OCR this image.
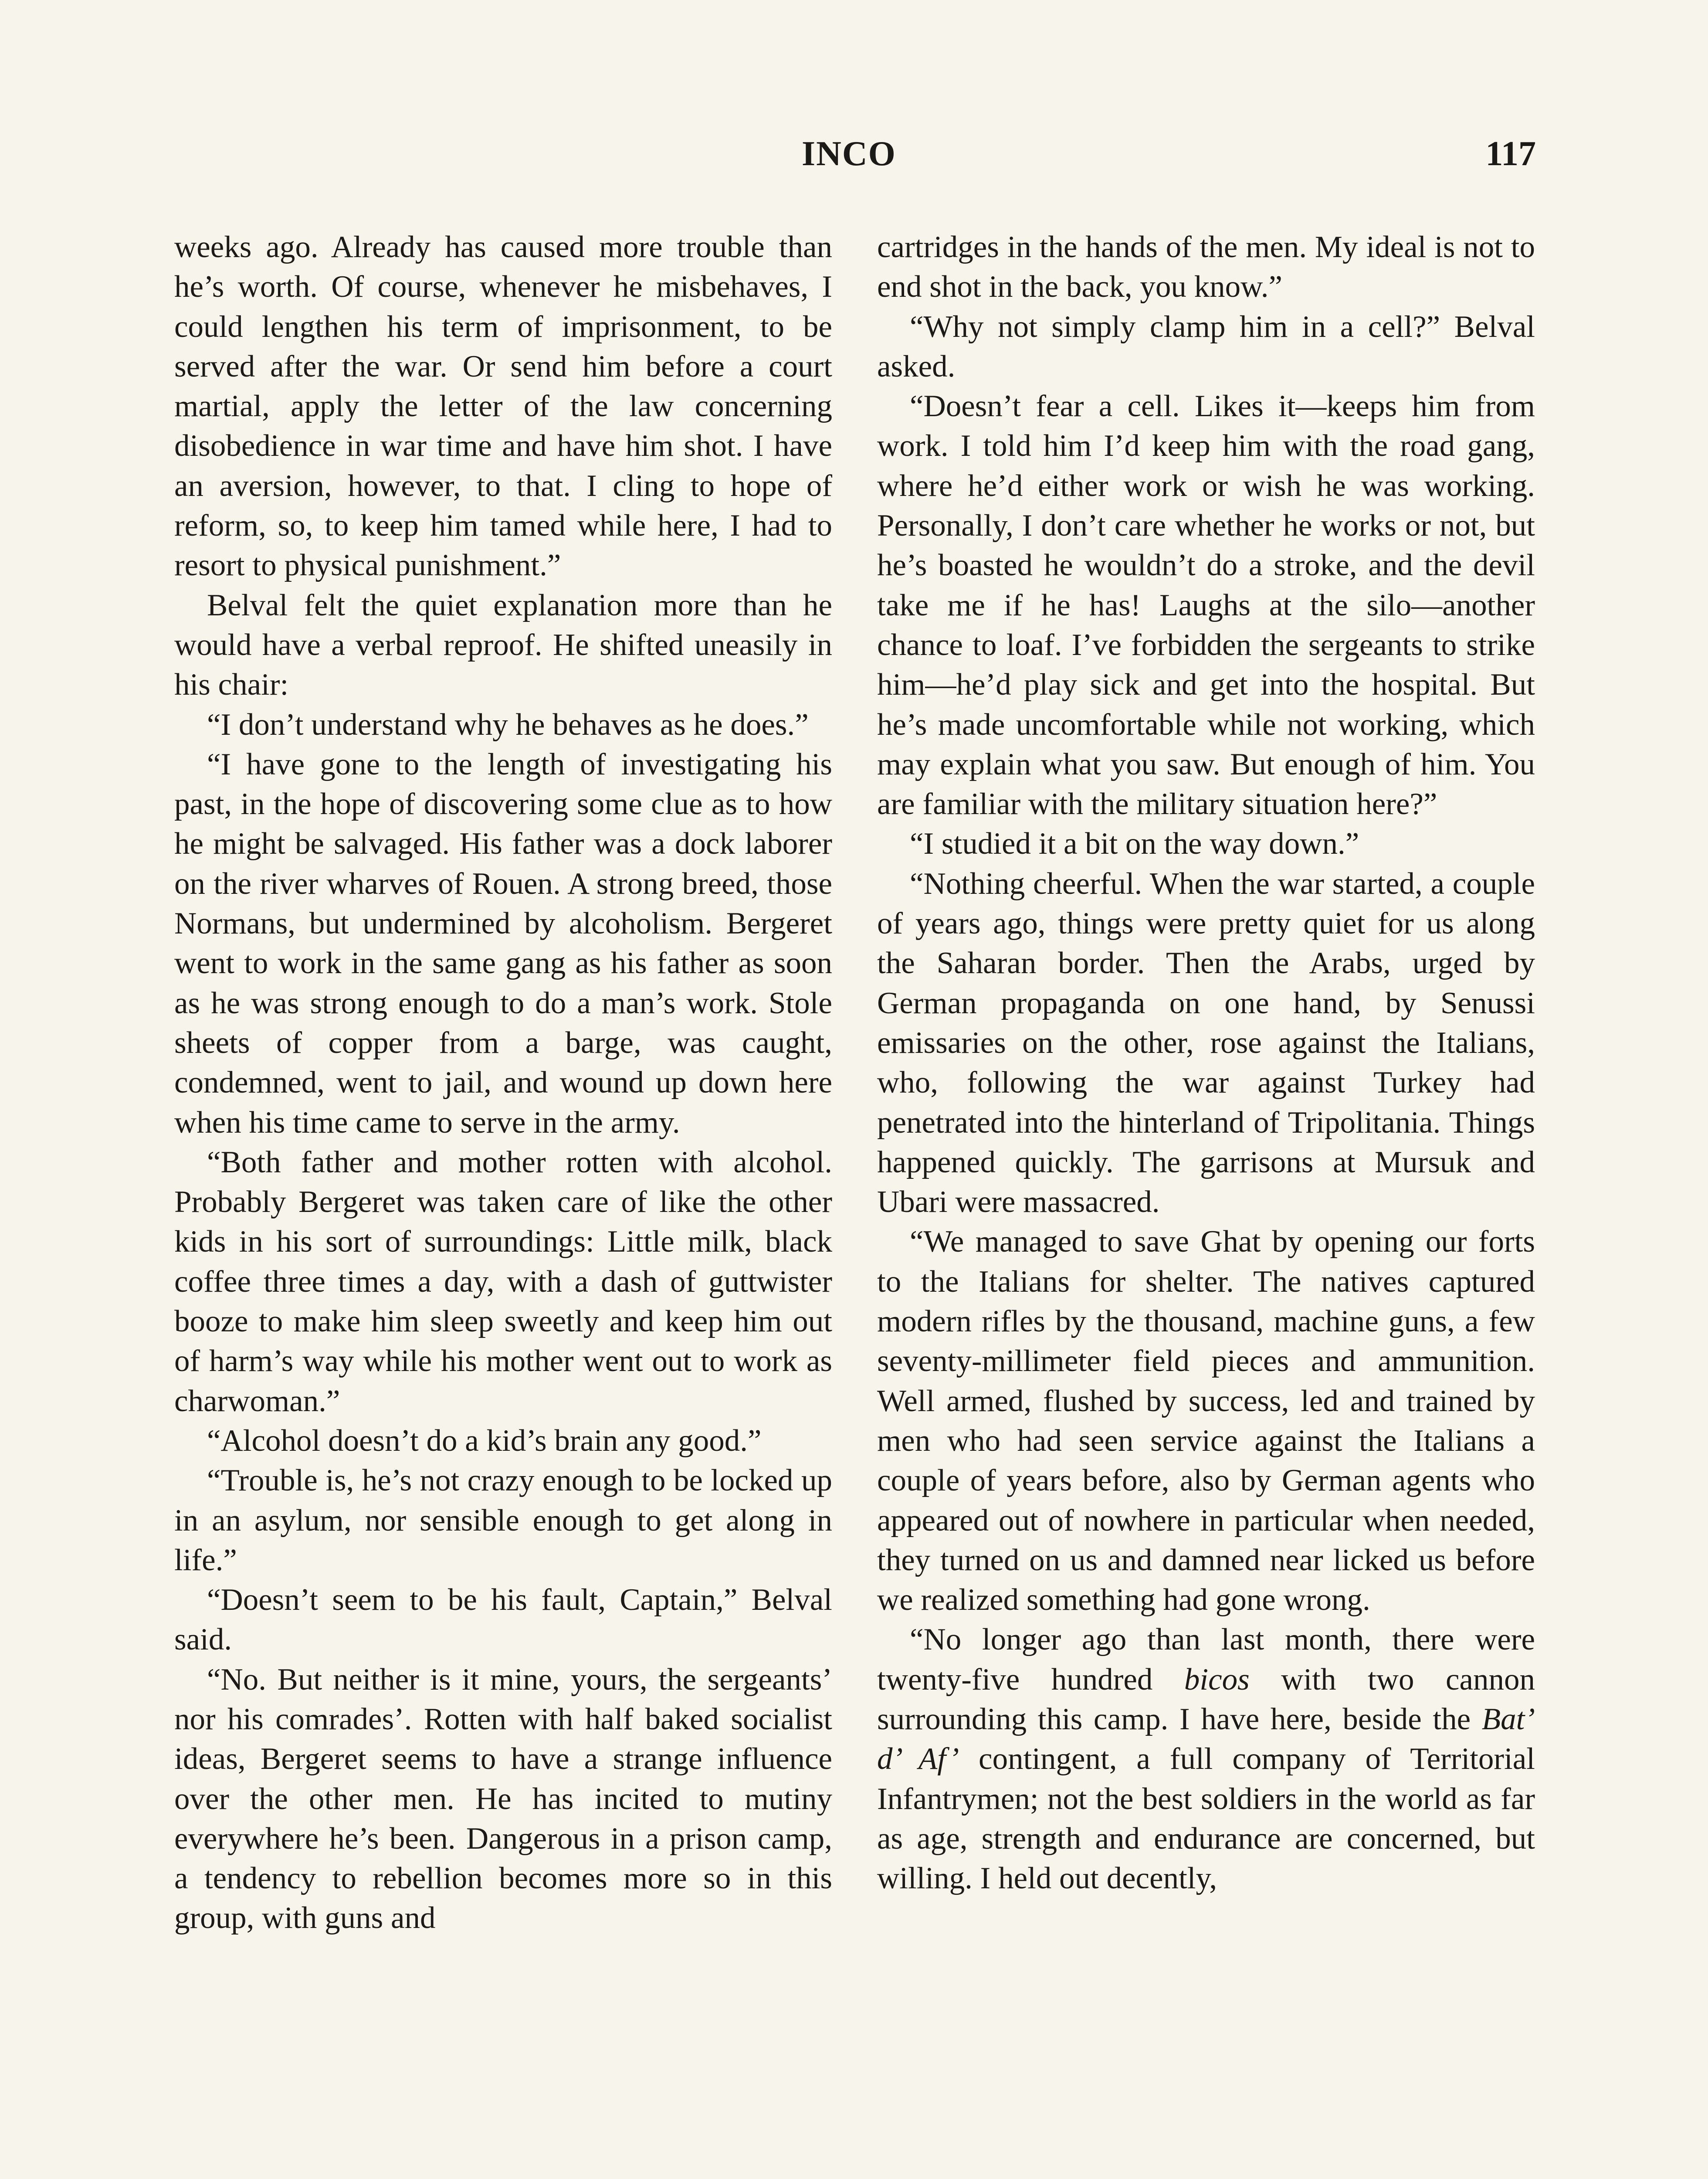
INCO	117

weeks ago. Already has caused more trouble than he’s worth. Of course, whenever he misbehaves, I could lengthen his term of imprisonment, to be served after the war. Or send him before a court martial, apply the letter of the law concerning disobedience in war time and have him shot. I have an aversion, however, to that. I cling to hope of reform, so, to keep him tamed while here, I had to resort to physical punishment.”

Belval felt the quiet explanation more than he would have a verbal reproof. He shifted uneasily in his chair:

“I don’t understand why he behaves as he does.”

“I have gone to the length of investigating his past, in the hope of discovering some clue as to how he might be salvaged. His father was a dock laborer on the river wharves of Rouen. A strong breed, those Normans, but undermined by alcoholism. Bergeret went to work in the same gang as his father as soon as he was strong enough to do a man’s work. Stole sheets of copper from a barge, was caught, condemned, went to jail, and wound up down here when his time came to serve in the army.

“Both father and mother rotten with alcohol. Probably Bergeret was taken care of like the other kids in his sort of surroundings: Little milk, black coffee three times a day, with a dash of guttwister booze to make him sleep sweetly and keep him out of harm’s way while his mother went out to work as charwoman.”

“Alcohol doesn’t do a kid’s brain any good.”

“Trouble is, he’s not crazy enough to be locked up in an asylum, nor sensible enough to get along in life.”

“Doesn’t seem to be his fault, Captain,” Belval said.

“No. But neither is it mine, yours, the sergeants’ nor his comrades’. Rotten with half baked socialist ideas, Bergeret seems to have a strange influence over the other men. He has incited to mutiny everywhere he’s been. Dangerous in a prison camp, a tendency to rebellion becomes more so in this group, with guns and

cartridges in the hands of the men. My ideal is not to end shot in the back, you know.”

“Why not simply clamp him in a cell?” Belval asked.

“Doesn’t fear a cell. Likes it—keeps him from work. I told him I’d keep him with the road gang, where he’d either work or wish he was working. Personally, I don’t care whether he works or not, but he’s boasted he wouldn’t do a stroke, and the devil take me if he has! Laughs at the silo—another chance to loaf. I’ve forbidden the sergeants to strike him—he’d play sick and get into the hospital. But he’s made uncomfortable while not working, which may explain what you saw. But enough of him. You are familiar with the military situation here?”

“I studied it a bit on the way down.”

“Nothing cheerful. When the war started, a couple of years ago, things were pretty quiet for us along the Saharan border. Then the Arabs, urged by German propaganda on one hand, by Senussi emissaries on the other, rose against the Italians, who, following the war against Turkey had penetrated into the hinterland of Tripolitania. Things happened quickly. The garrisons at Mursuk and Ubari were massacred.

“We managed to save Ghat by opening our forts to the Italians for shelter. The natives captured modern rifles by the thousand, machine guns, a few seventy-millimeter field pieces and ammunition. Well armed, flushed by success, led and trained by men who had seen service against the Italians a couple of years before, also by German agents who appeared out of nowhere in particular when needed, they turned on us and damned near licked us before we realized something had gone wrong.

“No longer ago than last month, there were twenty-five hundred bicos with two cannon surrounding this camp. I have here, beside the Bat’ d’ Af’ contingent, a full company of Territorial Infantrymen; not the best soldiers in the world as far as age, strength and endurance are concerned, but willing. I held out decently,
